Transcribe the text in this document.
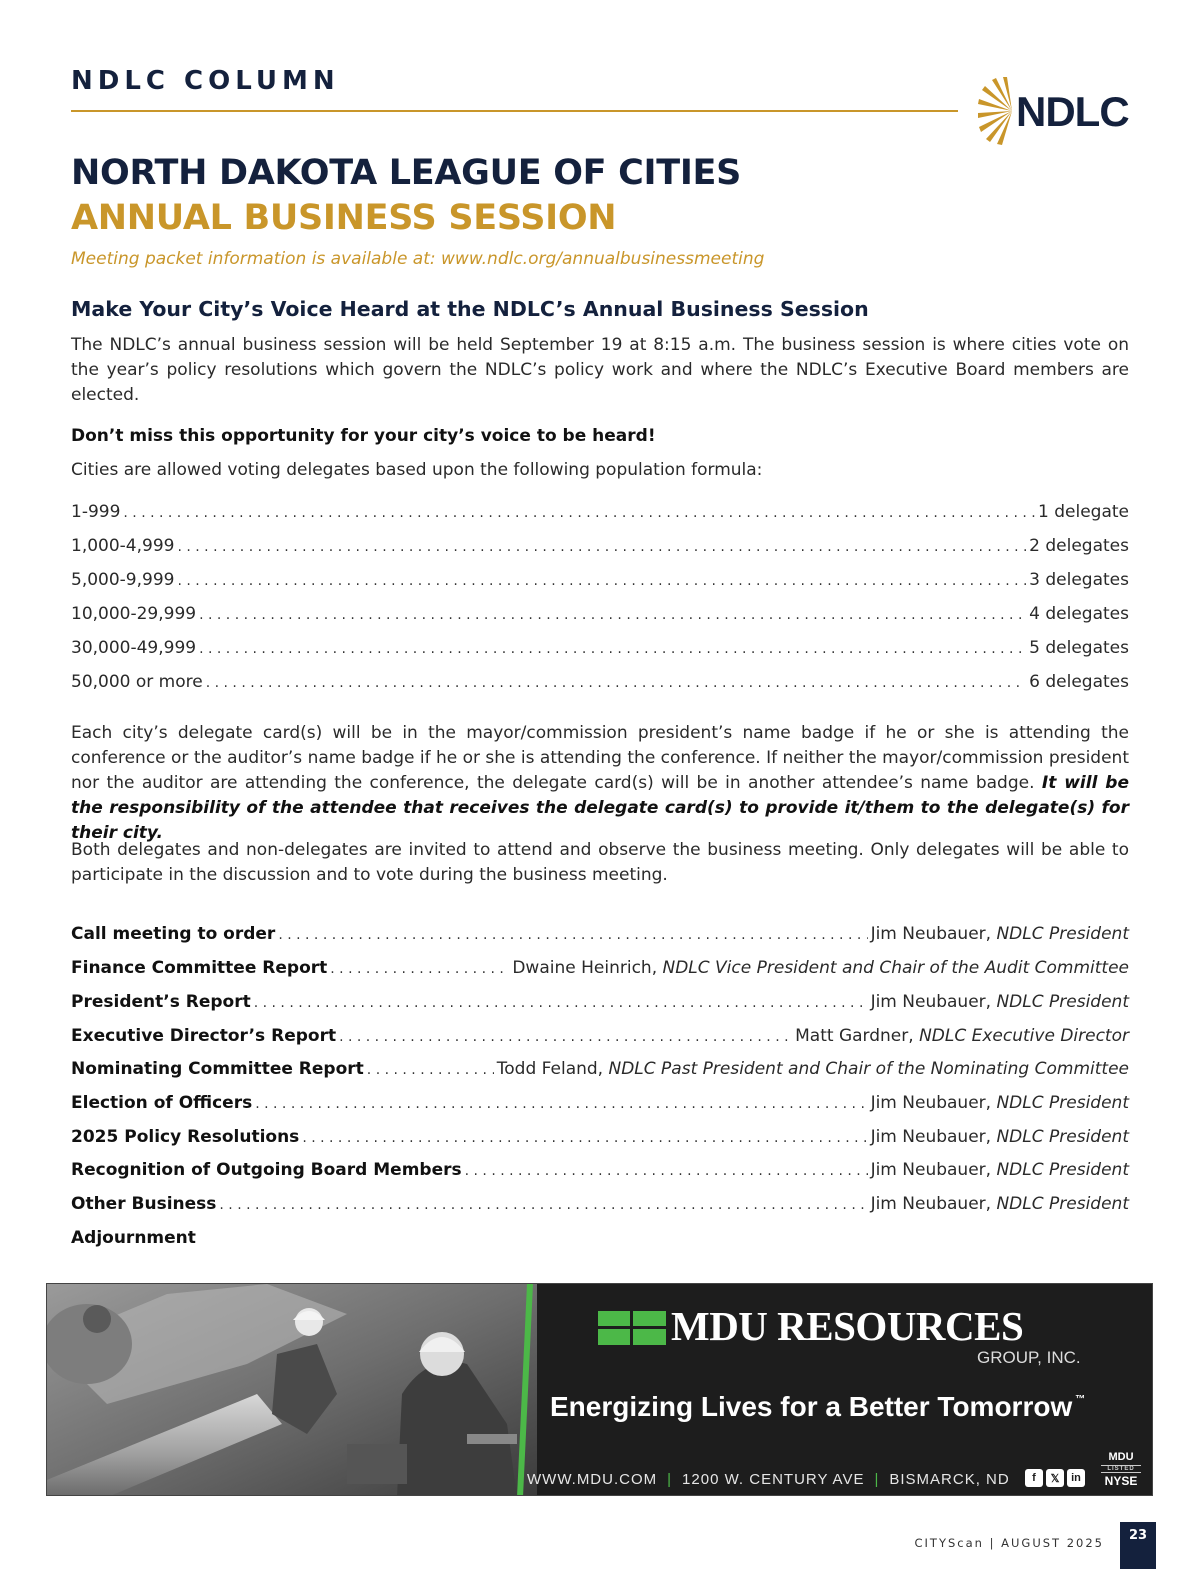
NDLC COLUMN
NDLC
NORTH DAKOTA LEAGUE OF CITIES
ANNUAL BUSINESS SESSION
Meeting packet information is available at: www.ndlc.org/annualbusinessmeeting
Make Your City’s Voice Heard at the NDLC’s Annual Business Session
The NDLC’s annual business session will be held September 19 at 8:15 a.m. The business session is where cities vote on the year’s policy resolutions which govern the NDLC’s policy work and where the NDLC’s Executive Board members are elected.
Don’t miss this opportunity for your city’s voice to be heard!
Cities are allowed voting delegates based upon the following population formula:
1-999 . . .	1 delegate
1,000-4,999 . . .	2 delegates
5,000-9,999 . . .	3 delegates
10,000-29,999 . . .	4 delegates
30,000-49,999 . . .	5 delegates
50,000 or more . . .	6 delegates
Each city’s delegate card(s) will be in the mayor/commission president’s name badge if he or she is attending the conference or the auditor’s name badge if he or she is attending the conference. If neither the mayor/commission president nor the auditor are attending the conference, the delegate card(s) will be in another attendee’s name badge. It will be the responsibility of the attendee that receives the delegate card(s) to provide it/them to the delegate(s) for their city.
Both delegates and non-delegates are invited to attend and observe the business meeting. Only delegates will be able to participate in the discussion and to vote during the business meeting.
Call meeting to order . . .	Jim Neubauer, NDLC President
Finance Committee Report . . .	Dwaine Heinrich, NDLC Vice President and Chair of the Audit Committee
President’s Report . . .	Jim Neubauer, NDLC President
Executive Director’s Report . . .	Matt Gardner, NDLC Executive Director
Nominating Committee Report . . .	Todd Feland, NDLC Past President and Chair of the Nominating Committee
Election of Officers . . .	Jim Neubauer, NDLC President
2025 Policy Resolutions . . .	Jim Neubauer, NDLC President
Recognition of Outgoing Board Members . . .	Jim Neubauer, NDLC President
Other Business . . .	Jim Neubauer, NDLC President
Adjournment
MDU RESOURCES
GROUP, INC.
Energizing Lives for a Better Tomorrow ™
WWW.MDU.COM | 1200 W. CENTURY AVE | BISMARCK, ND	f	𝕏	in
MDU
LISTED
NYSE
CITYScan | AUGUST 2025	23
